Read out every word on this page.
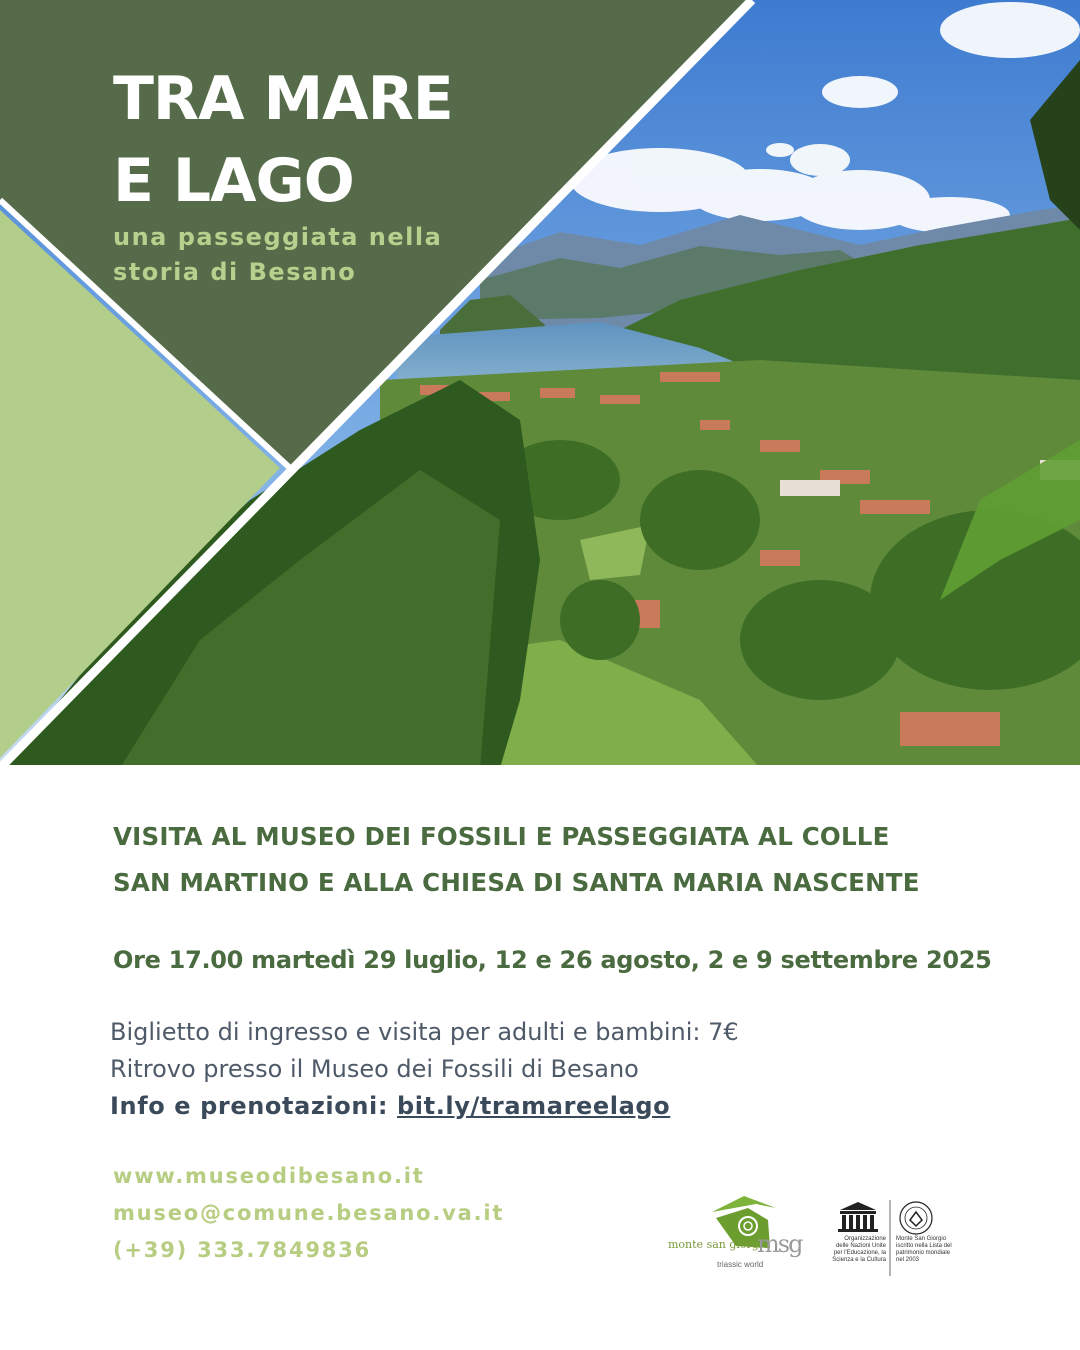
TRA MARE
E LAGO
una passeggiata nella
storia di Besano
VISITA AL MUSEO DEI FOSSILI E PASSEGGIATA AL COLLE
SAN MARTINO E ALLA CHIESA DI SANTA MARIA NASCENTE
Ore 17.00 martedì 29 luglio, 12 e 26 agosto, 2 e 9 settembre 2025
Biglietto di ingresso e visita per adulti e bambini: 7€
Ritrovo presso il Museo dei Fossili di Besano
Info e prenotazioni: bit.ly/tramareelago
www.museodibesano.it
museo@comune.besano.va.it
(+39) 333.7849836	monte san giorgio
msg
triassic world
Organizzazione delle Nazioni Unite per l'Educazione, la Scienza e la Cultura
Monte San Giorgio iscritto nella Lista del patrimonio mondiale nel 2003
